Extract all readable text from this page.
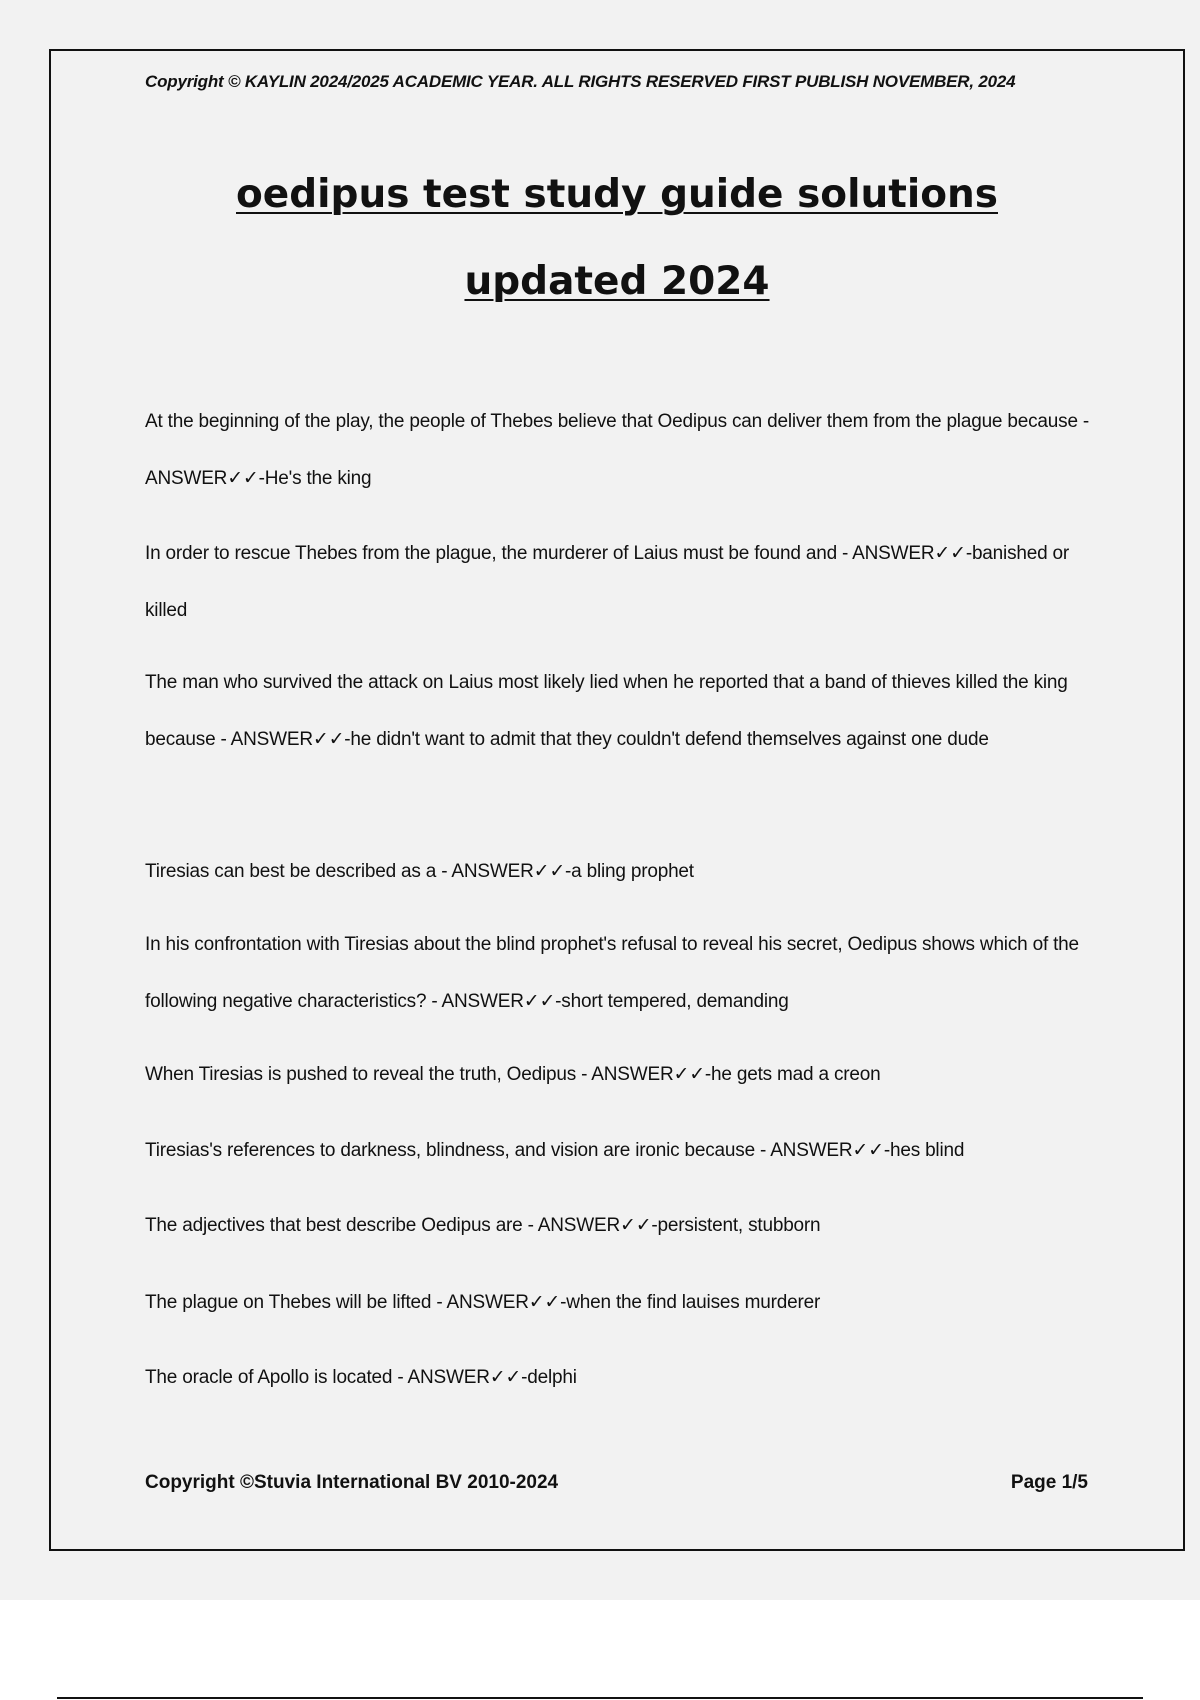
Copyright © KAYLIN 2024/2025 ACADEMIC YEAR. ALL RIGHTS RESERVED FIRST PUBLISH NOVEMBER, 2024
oedipus test study guide solutions
updated 2024
At the beginning of the play, the people of Thebes believe that Oedipus can deliver them from the plague because - ANSWER✓✓-He's the king
In order to rescue Thebes from the plague, the murderer of Laius must be found and - ANSWER✓✓-banished or killed
The man who survived the attack on Laius most likely lied when he reported that a band of thieves killed the king because - ANSWER✓✓-he didn't want to admit that they couldn't defend themselves against one dude
Tiresias can best be described as a - ANSWER✓✓-a bling prophet
In his confrontation with Tiresias about the blind prophet's refusal to reveal his secret, Oedipus shows which of the following negative characteristics? - ANSWER✓✓-short tempered, demanding
When Tiresias is pushed to reveal the truth, Oedipus - ANSWER✓✓-he gets mad a creon
Tiresias's references to darkness, blindness, and vision are ironic because - ANSWER✓✓-hes blind
The adjectives that best describe Oedipus are - ANSWER✓✓-persistent, stubborn
The plague on Thebes will be lifted - ANSWER✓✓-when the find lauises murderer
The oracle of Apollo is located - ANSWER✓✓-delphi
Copyright ©Stuvia International BV 2010-2024	Page 1/5
